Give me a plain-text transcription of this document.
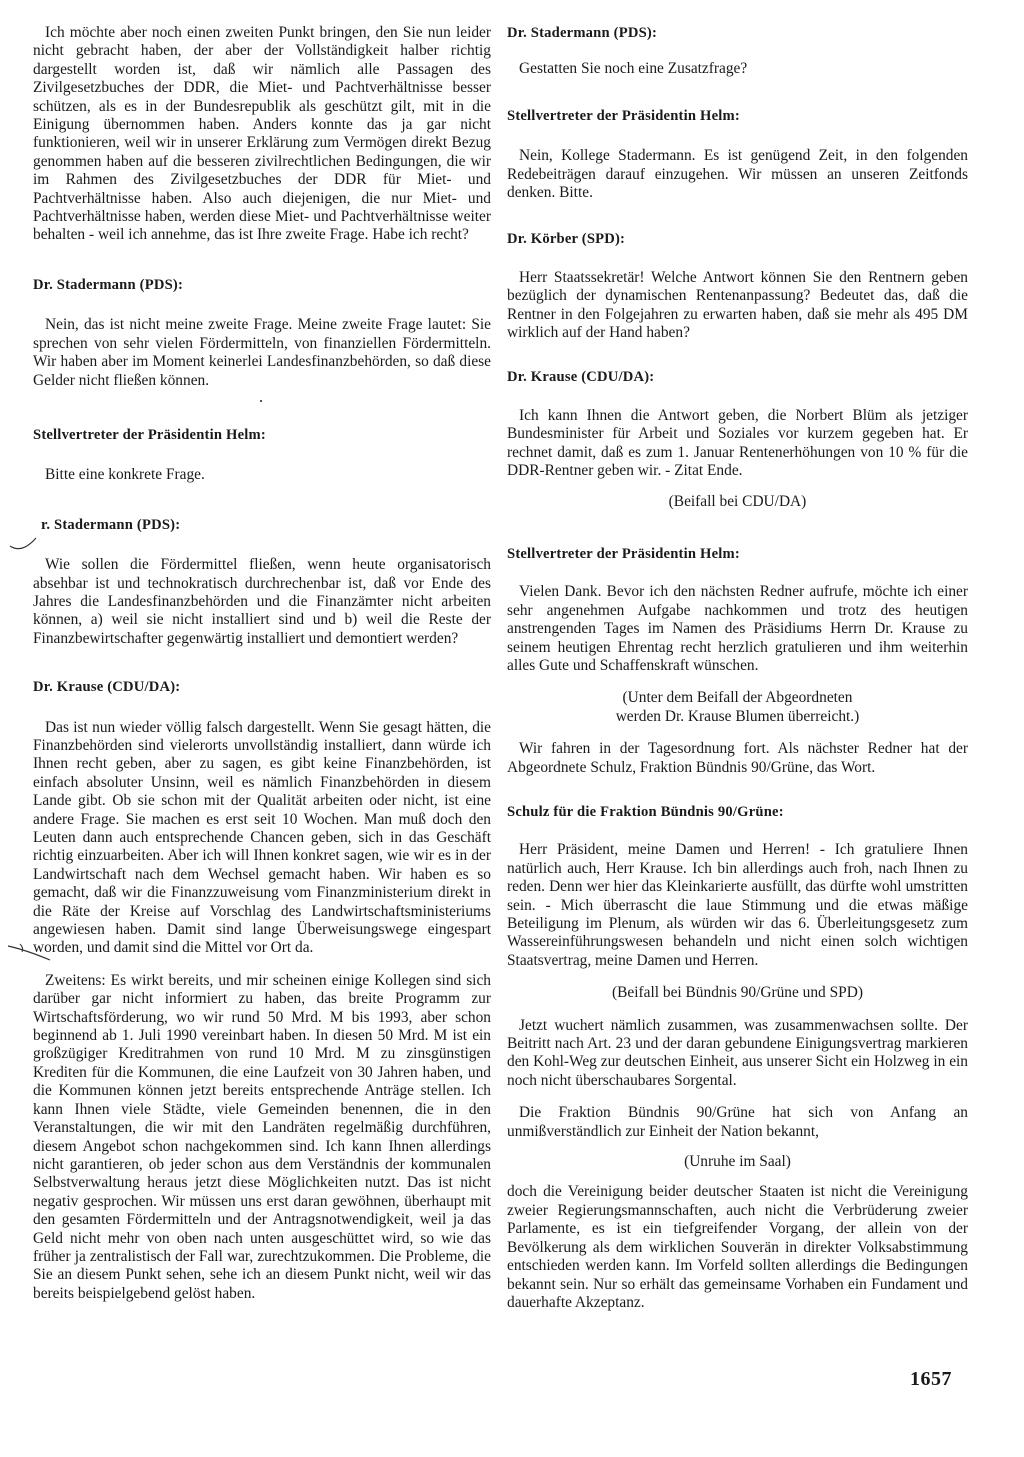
Ich möchte aber noch einen zweiten Punkt bringen, den Sie nun leider nicht gebracht haben, der aber der Vollständigkeit halber richtig dargestellt worden ist, daß wir nämlich alle Passagen des Zivilgesetzbuches der DDR, die Miet- und Pachtverhältnisse besser schützen, als es in der Bundesrepublik als geschützt gilt, mit in die Einigung übernommen haben. Anders konnte das ja gar nicht funktionieren, weil wir in unserer Erklärung zum Vermögen direkt Bezug genommen haben auf die besseren zivilrechtlichen Bedingungen, die wir im Rahmen des Zivilgesetzbuches der DDR für Miet- und Pachtverhältnisse haben. Also auch diejenigen, die nur Miet- und Pachtverhältnisse haben, werden diese Miet- und Pachtverhältnisse weiter behalten - weil ich annehme, das ist Ihre zweite Frage. Habe ich recht?

Dr. Stadermann (PDS):

Nein, das ist nicht meine zweite Frage. Meine zweite Frage lautet: Sie sprechen von sehr vielen Fördermitteln, von finanziellen Fördermitteln. Wir haben aber im Moment keinerlei Landesfinanzbehörden, so daß diese Gelder nicht fließen können.

Stellvertreter der Präsidentin Helm:

Bitte eine konkrete Frage.

r. Stadermann (PDS):

Wie sollen die Fördermittel fließen, wenn heute organisatorisch absehbar ist und technokratisch durchrechenbar ist, daß vor Ende des Jahres die Landesfinanzbehörden und die Finanzämter nicht arbeiten können, a) weil sie nicht installiert sind und b) weil die Reste der Finanzbewirtschafter gegenwärtig installiert und demontiert werden?

Dr. Krause (CDU/DA):

Das ist nun wieder völlig falsch dargestellt. Wenn Sie gesagt hätten, die Finanzbehörden sind vielerorts unvollständig installiert, dann würde ich Ihnen recht geben, aber zu sagen, es gibt keine Finanzbehörden, ist einfach absoluter Unsinn, weil es nämlich Finanzbehörden in diesem Lande gibt. Ob sie schon mit der Qualität arbeiten oder nicht, ist eine andere Frage. Sie machen es erst seit 10 Wochen. Man muß doch den Leuten dann auch entsprechende Chancen geben, sich in das Geschäft richtig einzuarbeiten. Aber ich will Ihnen konkret sagen, wie wir es in der Landwirtschaft nach dem Wechsel gemacht haben. Wir haben es so gemacht, daß wir die Finanzzuweisung vom Finanzministerium direkt in die Räte der Kreise auf Vorschlag des Landwirtschaftsministeriums angewiesen haben. Damit sind lange Überweisungswege eingespart worden, und damit sind die Mittel vor Ort da.

Zweitens: Es wirkt bereits, und mir scheinen einige Kollegen sind sich darüber gar nicht informiert zu haben, das breite Programm zur Wirtschaftsförderung, wo wir rund 50 Mrd. M bis 1993, aber schon beginnend ab 1. Juli 1990 vereinbart haben. In diesen 50 Mrd. M ist ein großzügiger Kreditrahmen von rund 10 Mrd. M zu zinsgünstigen Krediten für die Kommunen, die eine Laufzeit von 30 Jahren haben, und die Kommunen können jetzt bereits entsprechende Anträge stellen. Ich kann Ihnen viele Städte, viele Gemeinden benennen, die in den Veranstaltungen, die wir mit den Landräten regelmäßig durchführen, diesem Angebot schon nachgekommen sind. Ich kann Ihnen allerdings nicht garantieren, ob jeder schon aus dem Verständnis der kommunalen Selbstverwaltung heraus jetzt diese Möglichkeiten nutzt. Das ist nicht negativ gesprochen. Wir müssen uns erst daran gewöhnen, überhaupt mit den gesamten Fördermitteln und der Antragsnotwendigkeit, weil ja das Geld nicht mehr von oben nach unten ausgeschüttet wird, so wie das früher ja zentralistisch der Fall war, zurechtzukommen. Die Probleme, die Sie an diesem Punkt sehen, sehe ich an diesem Punkt nicht, weil wir das bereits beispielgebend gelöst haben.

Dr. Stadermann (PDS):

Gestatten Sie noch eine Zusatzfrage?

Stellvertreter der Präsidentin Helm:

Nein, Kollege Stadermann. Es ist genügend Zeit, in den folgenden Redebeiträgen darauf einzugehen. Wir müssen an unseren Zeitfonds denken. Bitte.

Dr. Körber (SPD):

Herr Staatssekretär! Welche Antwort können Sie den Rentnern geben bezüglich der dynamischen Rentenanpassung? Bedeutet das, daß die Rentner in den Folgejahren zu erwarten haben, daß sie mehr als 495 DM wirklich auf der Hand haben?

Dr. Krause (CDU/DA):

Ich kann Ihnen die Antwort geben, die Norbert Blüm als jetziger Bundesminister für Arbeit und Soziales vor kurzem gegeben hat. Er rechnet damit, daß es zum 1. Januar Rentenerhöhungen von 10 % für die DDR-Rentner geben wir. - Zitat Ende.

(Beifall bei CDU/DA)

Stellvertreter der Präsidentin Helm:

Vielen Dank. Bevor ich den nächsten Redner aufrufe, möchte ich einer sehr angenehmen Aufgabe nachkommen und trotz des heutigen anstrengenden Tages im Namen des Präsidiums Herrn Dr. Krause zu seinem heutigen Ehrentag recht herzlich gratulieren und ihm weiterhin alles Gute und Schaffenskraft wünschen.

(Unter dem Beifall der Abgeordneten

werden Dr. Krause Blumen überreicht.)

Wir fahren in der Tagesordnung fort. Als nächster Redner hat der Abgeordnete Schulz, Fraktion Bündnis 90/Grüne, das Wort.

Schulz für die Fraktion Bündnis 90/Grüne:

Herr Präsident, meine Damen und Herren! - Ich gratuliere Ihnen natürlich auch, Herr Krause. Ich bin allerdings auch froh, nach Ihnen zu reden. Denn wer hier das Kleinkarierte ausfüllt, das dürfte wohl umstritten sein. - Mich überrascht die laue Stimmung und die etwas mäßige Beteiligung im Plenum, als würden wir das 6. Überleitungsgesetz zum Wassereinführungswesen behandeln und nicht einen solch wichtigen Staatsvertrag, meine Damen und Herren.

(Beifall bei Bündnis 90/Grüne und SPD)

Jetzt wuchert nämlich zusammen, was zusammenwachsen sollte. Der Beitritt nach Art. 23 und der daran gebundene Einigungsvertrag markieren den Kohl-Weg zur deutschen Einheit, aus unserer Sicht ein Holzweg in ein noch nicht überschaubares Sorgental.

Die Fraktion Bündnis 90/Grüne hat sich von Anfang an unmißverständlich zur Einheit der Nation bekannt,

(Unruhe im Saal)

doch die Vereinigung beider deutscher Staaten ist nicht die Vereinigung zweier Regierungsmannschaften, auch nicht die Verbrüderung zweier Parlamente, es ist ein tiefgreifender Vorgang, der allein von der Bevölkerung als dem wirklichen Souverän in direkter Volksabstimmung entschieden werden kann. Im Vorfeld sollten allerdings die Bedingungen bekannt sein. Nur so erhält das gemeinsame Vorhaben ein Fundament und dauerhafte Akzeptanz.

1657
